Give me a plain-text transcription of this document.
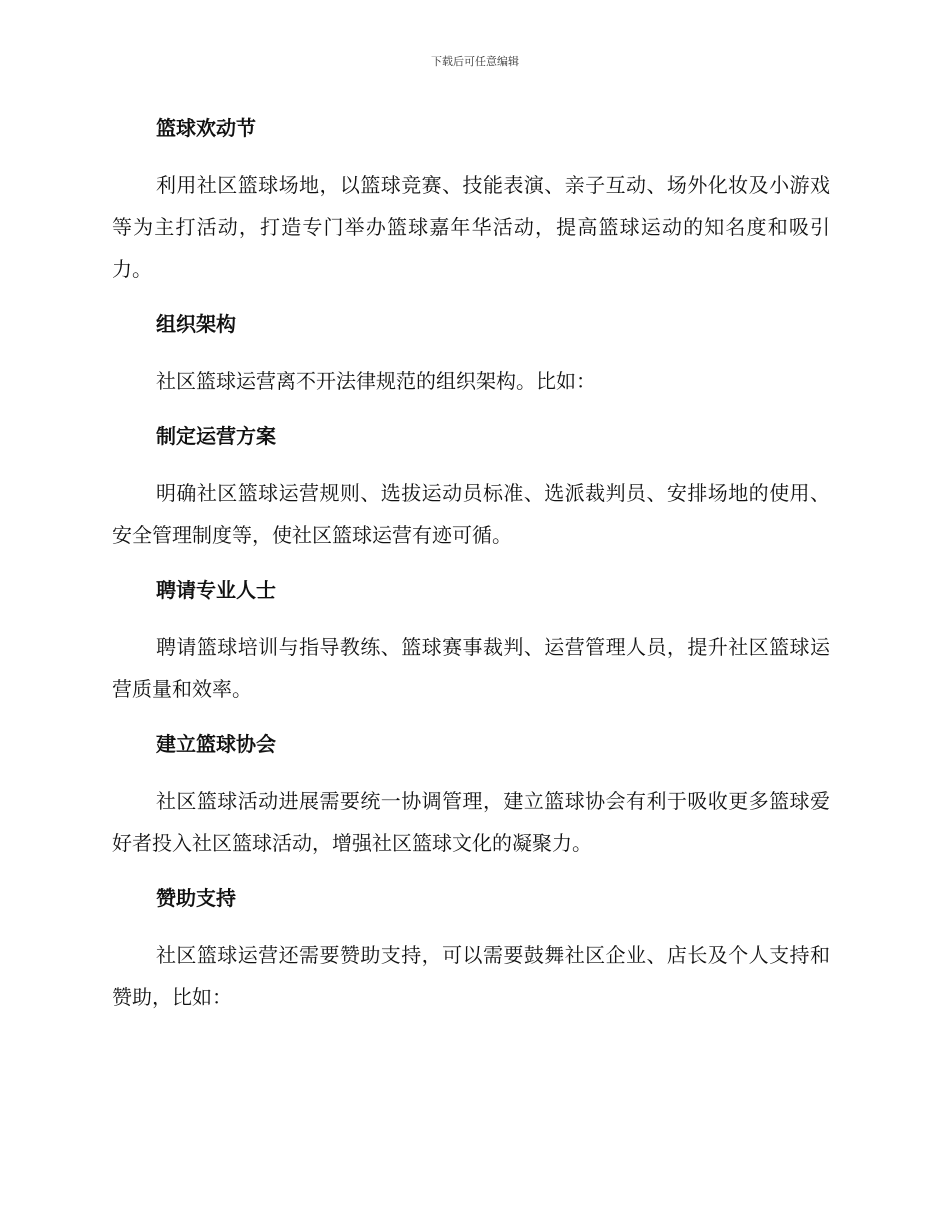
下载后可任意编辑
篮球欢动节

利用社区篮球场地，以篮球竞赛、技能表演、亲子互动、场外化妆及小游戏等为主打活动，打造专门举办篮球嘉年华活动，提高篮球运动的知名度和吸引力。

组织架构

社区篮球运营离不开法律规范的组织架构。比如：

制定运营方案

明确社区篮球运营规则、选拔运动员标准、选派裁判员、安排场地的使用、安全管理制度等，使社区篮球运营有迹可循。

聘请专业人士

聘请篮球培训与指导教练、篮球赛事裁判、运营管理人员，提升社区篮球运营质量和效率。

建立篮球协会

社区篮球活动进展需要统一协调管理，建立篮球协会有利于吸收更多篮球爱好者投入社区篮球活动，增强社区篮球文化的凝聚力。

赞助支持

社区篮球运营还需要赞助支持，可以需要鼓舞社区企业、店长及个人支持和赞助，比如：
